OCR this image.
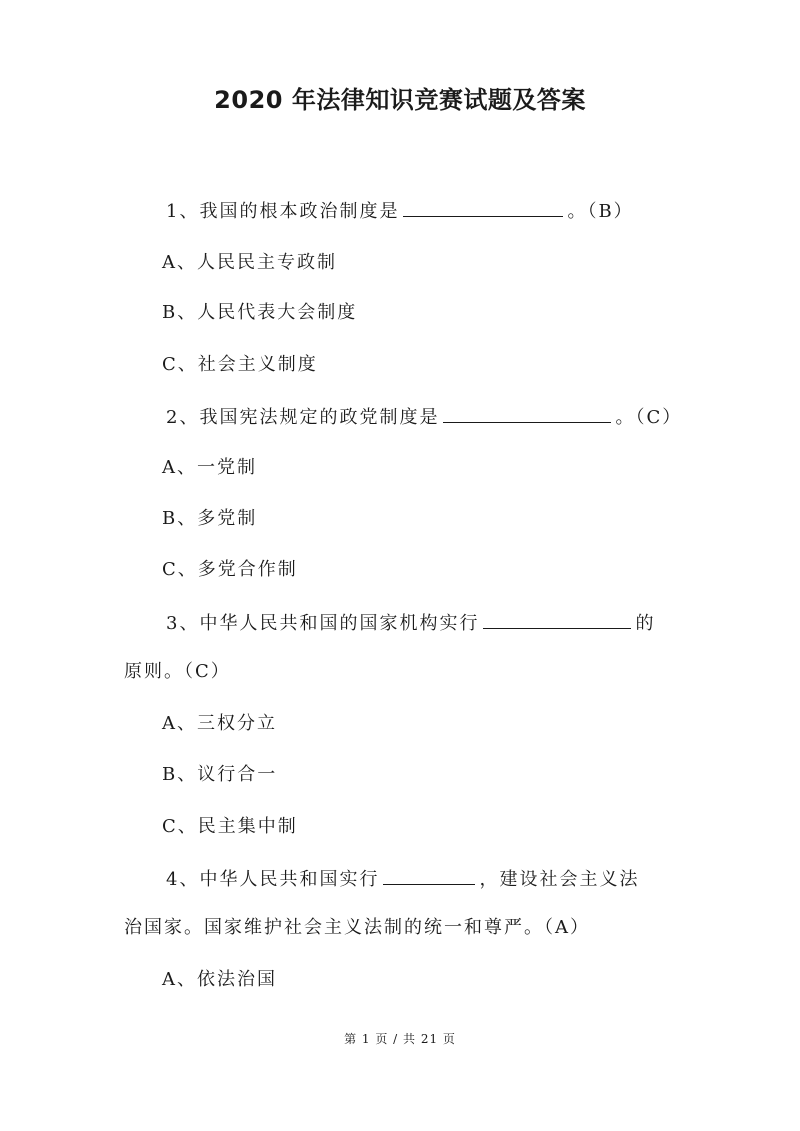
2020 年法律知识竞赛试题及答案
1、我国的根本政治制度是	。（B）
A、人民民主专政制
B、人民代表大会制度
C、社会主义制度
2、我国宪法规定的政党制度是	。（C）
A、一党制
B、多党制
C、多党合作制
3、中华人民共和国的国家机构实行	的
原则。（C）
A、三权分立
B、议行合一
C、民主集中制
4、中华人民共和国实行	，建设社会主义法
治国家。国家维护社会主义法制的统一和尊严。（A）
A、依法治国
第 1 页 / 共 21 页
